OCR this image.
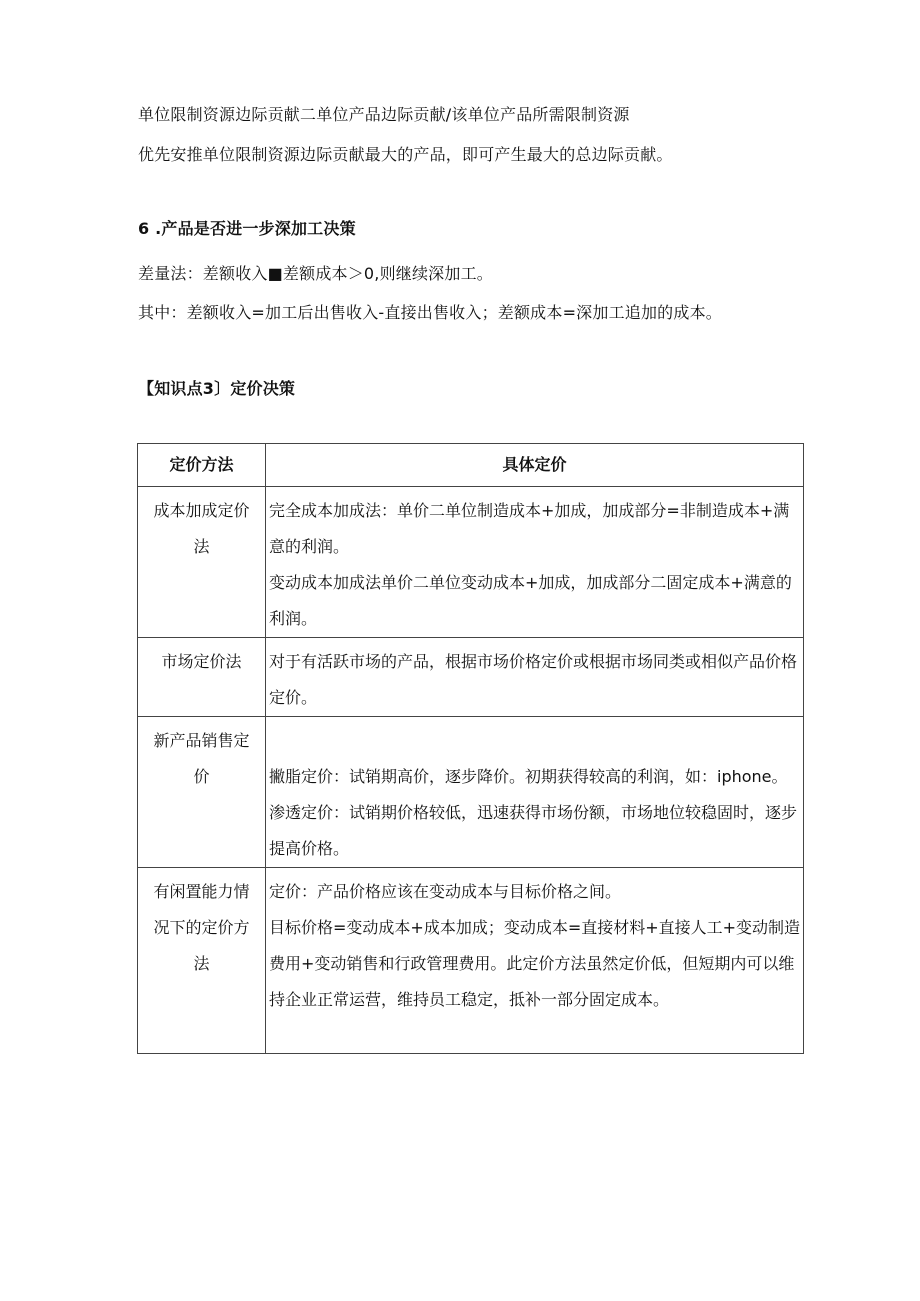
单位限制资源边际贡献二单位产品边际贡献/该单位产品所需限制资源
优先安推单位限制资源边际贡献最大的产品，即可产生最大的总边际贡献。
6 .产品是否进一步深加工决策
差量法：差额收入■差额成本＞0,则继续深加工。
其中：差额收入=加工后出售收入-直接出售收入；差额成本=深加工追加的成本。
【知识点3〕定价决策
定价方法	具体定价
成本加成定价法	完全成本加成法：单价二单位制造成本+加成，加成部分=非制造成本+满意的利润。

变动成本加成法单价二单位变动成本+加成，加成部分二固定成本+满意的利润。

市场定价法	对于有活跃市场的产品，根据市场价格定价或根据市场同类或相似产品价格定价。

新产品销售定价	撇脂定价：试销期高价，逐步降价。初期获得较高的利润，如：iphone。

渗透定价：试销期价格较低，迅速获得市场份额，市场地位较稳固时，逐步提高价格。

有闲置能力情况下的定价方法	定价：产品价格应该在变动成本与目标价格之间。

目标价格=变动成本+成本加成；变动成本=直接材料+直接人工+变动制造费用+变动销售和行政管理费用。此定价方法虽然定价低，但短期内可以维持企业正常运营，维持员工稳定，抵补一部分固定成本。
